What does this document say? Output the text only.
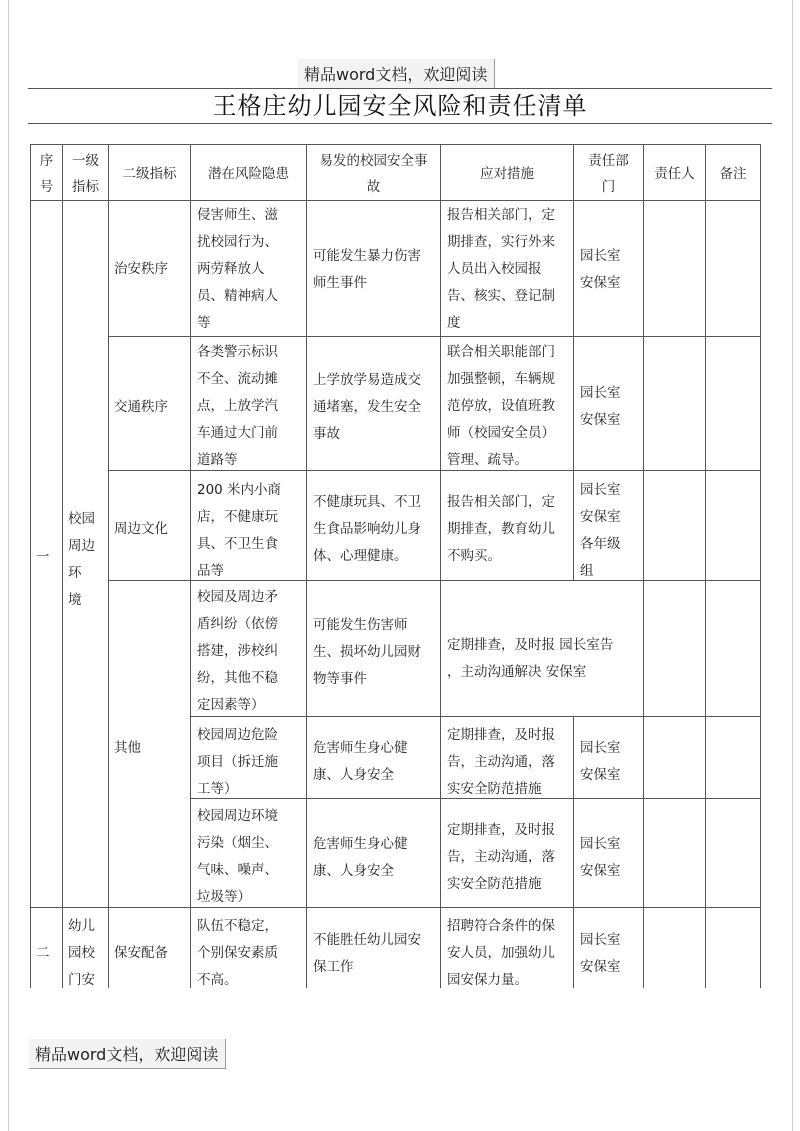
精品word文档，欢迎阅读
王格庄幼儿园安全风险和责任清单
序
号
一级
指标
二级指标	潜在风险隐患
易发的校园安全事
故
应对措施
责任部
门
责任人	备注
一
校园
周边
环
境
二
幼儿
园校
门安
治安秩序
交通秩序
周边文化
其他
保安配备
侵害师生、滋
扰校园行为、
两劳释放人
员、精神病人
等
可能发生暴力伤害
师生事件
报告相关部门，定
期排查，实行外来
人员出入校园报
告、核实、登记制
度
园长室
安保室
各类警示标识
不全、流动摊
点，上放学汽
车通过大门前
道路等
上学放学易造成交
通堵塞，发生安全
事故
联合相关职能部门
加强整顿，车辆规
范停放，设值班教
师（校园安全员）
管理、疏导。
园长室
安保室
200 米内小商
店，不健康玩
具、不卫生食
品等
不健康玩具、不卫
生食品影响幼儿身
体、心理健康。
报告相关部门，定
期排查，教育幼儿
不购买。
园长室
安保室
各年级
组
校园及周边矛
盾纠纷（依傍
搭建，涉校纠
纷，其他不稳
定因素等）
可能发生伤害师
生、损坏幼儿园财
物等事件
定期排查，及时报 园长室告
，主动沟通解决 安保室
校园周边危险
项目（拆迁施
工等）
危害师生身心健
康、人身安全
定期排查，及时报
告，主动沟通，落
实安全防范措施
园长室
安保室
校园周边环境
污染（烟尘、
气味、噪声、
垃圾等）
危害师生身心健
康、人身安全
定期排查，及时报
告，主动沟通，落
实安全防范措施
园长室
安保室
队伍不稳定，
个别保安素质
不高。
不能胜任幼儿园安
保工作
招聘符合条件的保
安人员，加强幼儿
园安保力量。
园长室
安保室
精品word文档，欢迎阅读
